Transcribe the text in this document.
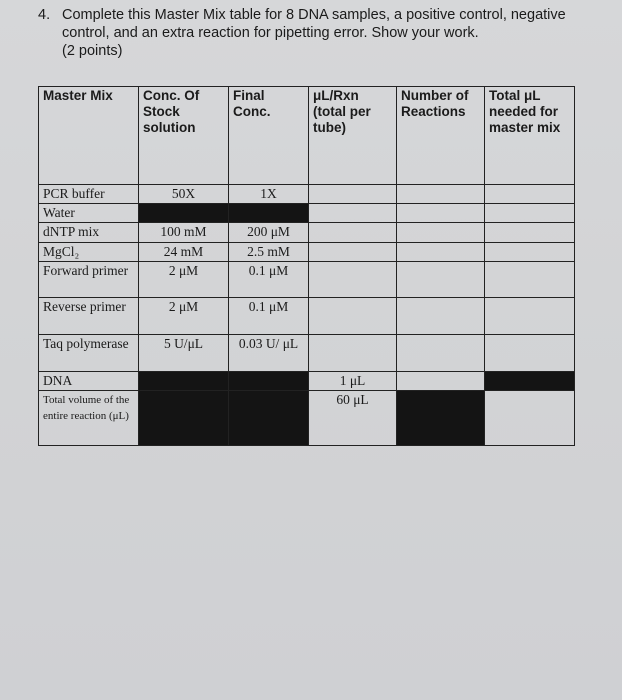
4. Complete this Master Mix table for 8 DNA samples, a positive control, negative control, and an extra reaction for pipetting error. Show your work.
(2 points)
Master Mix	Conc. Of Stock solution	Final Conc.	μL/Rxn (total per tube)	Number of Reactions	Total μL needed for master mix
PCR buffer	50X	1X			
Water					
dNTP mix	100 mM	200 μM			
MgCl₂	24 mM	2.5 mM			
Forward primer	2 μM	0.1 μM			
Reverse primer	2 μM	0.1 μM			
Taq polymerase	5 U/μL	0.03 U/ μL			
DNA			1 μL		
Total volume of the entire reaction (μL)			60 μL		
